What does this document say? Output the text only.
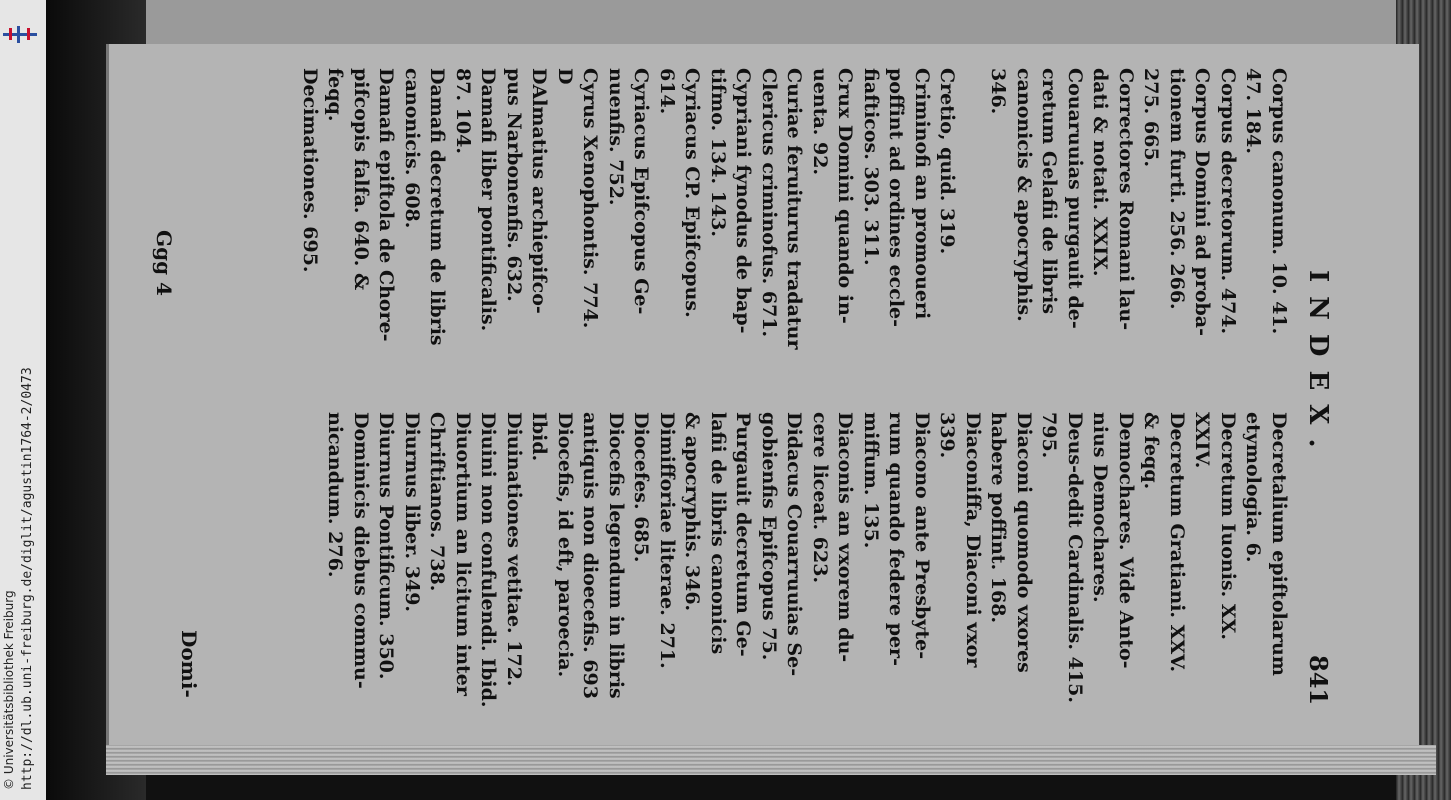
http://dl.ub.uni-freiburg.de/diglit/agustin1764-2/0473
© Universitätsbibliothek Freiburg
INDEX.
841
Corpus canonum. 10. 41.
47. 184.
Corpus decretorum. 474.
Corpus Domini ad proba-
tionem furti. 256. 266.
275. 665.
Correctores Romani lau-
dati & notati. XXIX.
Couaruuias purgauit de-
cretum Gelafii de libris
canonicis & apocryphis.
346.

Cretio, quid. 319.
Criminofi an promoueri
poffint ad ordines eccle-
fiafticos. 303. 311.
Crux Domini quando in-
uenta. 92.
Curiae feruiturus tradatur
Clericus criminofus. 671.
Cypriani fynodus de bap-
tifmo. 134. 143.
Cyriacus CP. Epifcopus.
614.
Cyriacus Epifcopus Ge-
nuenfis. 752.
Cyrus Xenophontis. 774.
D
DAlmatius archiepifco-
pus Narbonenfis. 632.
Damafi liber pontificalis.
87. 104.
Damafi decretum de libris
canonicis. 608.
Damafi epiftola de Chore-
pifcopis falfa. 640. &
feqq.
Decimationes. 695.
Decretalium epiftolarum
etymologia. 6.
Decretum Iuonis. XX.
XXIV.
Decretum Gratiani. XXV.
& feqq.
Demochares. Vide Anto-
nius Demochares.
Deus-dedit Cardinalis. 415.
795.
Diaconi quomodo vxores
habere poffint. 168.
Diaconiffa, Diaconi vxor
339.
Diacono ante Presbyte-
rum quando federe per-
miffum. 135.
Diaconis an vxorem du-
cere liceat. 623.
Didacus Couarruuias Se-
gobienfis Epifcopus 75.
Purgauit decretum Ge-
lafii de libris canonicis
& apocryphis. 346.
Dimifforiae literae. 271.
Diocefes. 685.
Diocefis legendum in libris
antiquis non dioecefis. 693
Diocefis, id eft, paroecia.
Ibid.
Diuinationes vetitae. 172.
Diuini non confulendi. Ibid.
Diuortium an licitum inter
Chriftianos. 738.
Diurnus liber. 349.
Diurnus Pontificum. 350.
Dominicis diebus commu-
nicandum. 276.
Ggg 4
Domi-
